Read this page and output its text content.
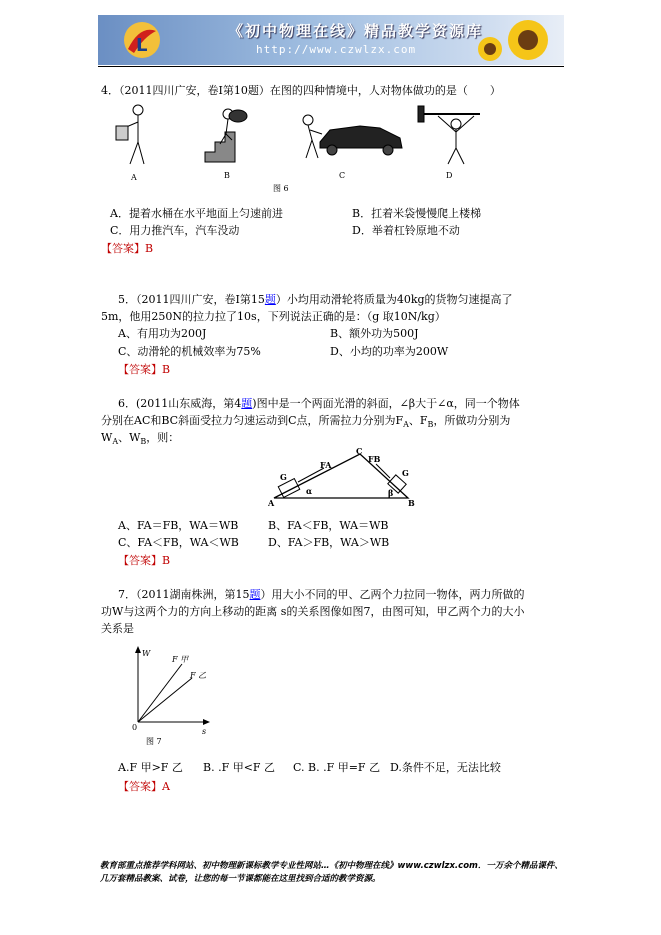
L
《初中物理在线》精品教学资源库
http://www.czwlzx.com
4．（2011四川广安，卷Ⅰ第10题）在图的四种情境中，人对物体做功的是（　　）
A	B	C	D
图 6
A．提着水桶在水平地面上匀速前进	B．扛着米袋慢慢爬上楼梯
C．用力推汽车，汽车没动	D．举着杠铃原地不动
【答案】B
5．（2011四川广安，卷Ⅰ第15题）小均用动滑轮将质量为40kg的货物匀速提高了
5m，他用250N的拉力拉了10s，下列说法正确的是：（g 取10N/kg）
A、有用功为200J	B、额外功为500J
C、动滑轮的机械效率为75%	D、小均的功率为200W
【答案】B
6．(2011山东威海，第4题)图中是一个两面光滑的斜面，∠β大于∠α，同一个物体
分别在AC和BC斜面受拉力匀速运动到C点，所需拉力分别为$F_A$、$F_B$，所做功分别为
$W_A$、$W_B$，则：
G
FA
C
FB
G
α	β
A	B
A、FA＝FB，WA＝WB	B、FA＜FB，WA＝WB
C、FA＜FB，WA＜WB	D、FA＞FB，WA＞WB
【答案】B
7．（2011湖南株洲，第15题）用大小不同的甲、乙两个力拉同一物体，两力所做的
功W与这两个力的方向上移动的距离 s的关系图像如图7，由图可知，甲乙两个力的大小
关系是
W
s
0
F 甲
F 乙
图 7
A.F 甲>F 乙 B. .F 甲<F 乙 C. B. .F 甲=F 乙 D.条件不足，无法比较
【答案】A
教育部重点推荐学科网站、初中物理新课标教学专业性网站…《初中物理在线》www.czwlzx.com．一万余个精品课件、几万套精品教案、试卷，让您的每一节课都能在这里找到合适的教学资源。
